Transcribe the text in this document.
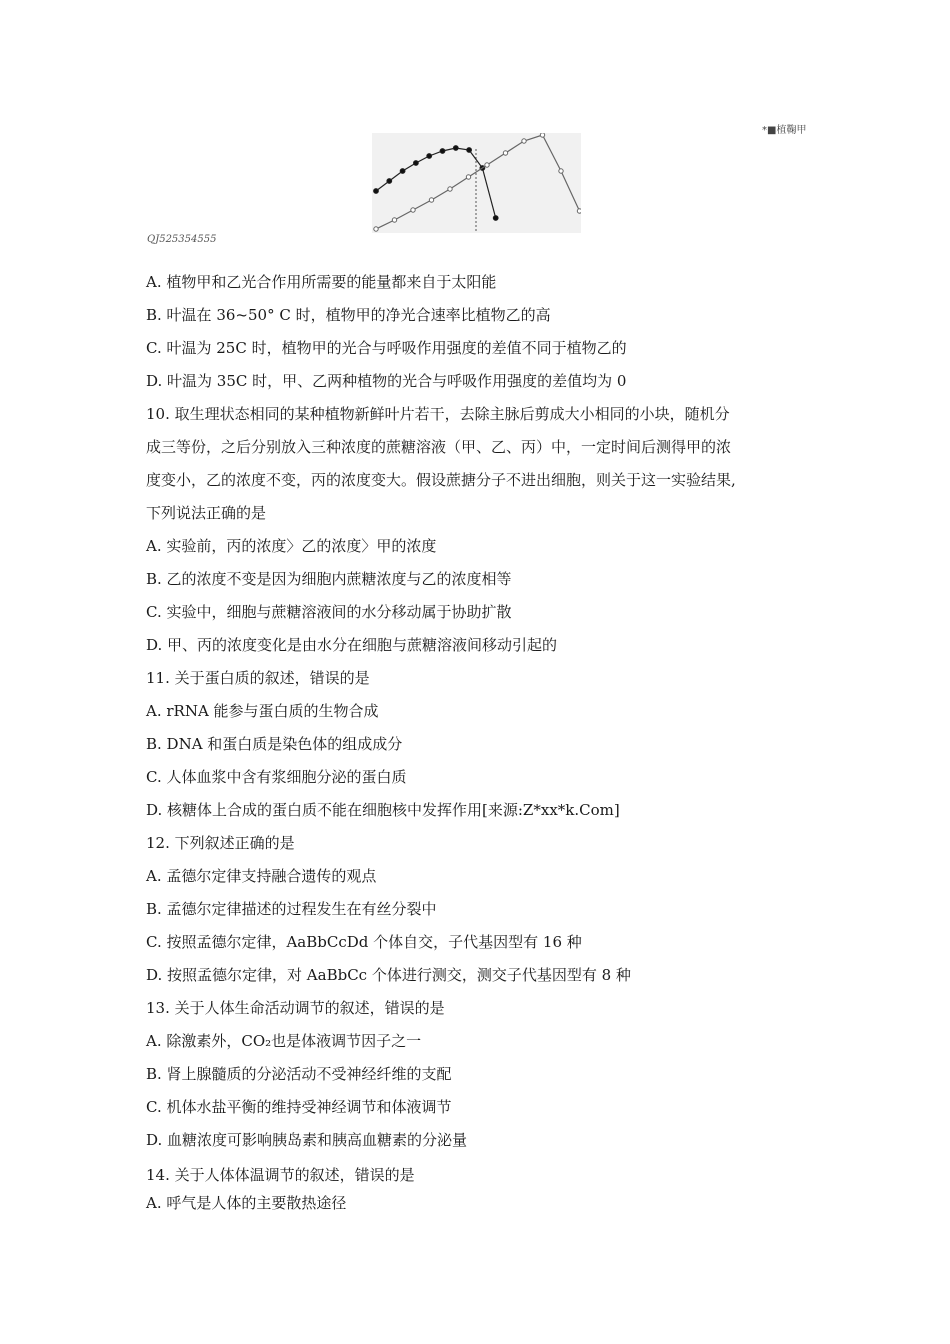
*■植鞠甲
QJ525354555
A. 植物甲和乙光合作用所需要的能量都来自于太阳能
B. 叶温在 36~50° C 时，植物甲的净光合速率比植物乙的高
C. 叶温为 25C 时，植物甲的光合与呼吸作用强度的差值不同于植物乙的
D. 叶温为 35C 时，甲、乙两种植物的光合与呼吸作用强度的差值均为 0
10. 取生理状态相同的某种植物新鲜叶片若干，去除主脉后剪成大小相同的小块，随机分
成三等份，之后分别放入三种浓度的蔗糖溶液（甲、乙、丙）中，一定时间后测得甲的浓
度变小，乙的浓度不变，丙的浓度变大。假设蔗搪分子不进出细胞，则关于这一实验结果,
下列说法正确的是
A. 实验前，丙的浓度〉乙的浓度〉甲的浓度
B. 乙的浓度不变是因为细胞内蔗糖浓度与乙的浓度相等
C. 实验中，细胞与蔗糖溶液间的水分移动属于协助扩散
D. 甲、丙的浓度变化是由水分在细胞与蔗糖溶液间移动引起的
11. 关于蛋白质的叙述，错误的是
A. rRNA 能参与蛋白质的生物合成
B. DNA 和蛋白质是染色体的组成成分
C. 人体血浆中含有浆细胞分泌的蛋白质
D. 核糖体上合成的蛋白质不能在细胞核中发挥作用[来源:Z*xx*k.Com]
12. 下列叙述正确的是
A. 孟德尔定律支持融合遗传的观点
B. 孟德尔定律描述的过程发生在有丝分裂中
C. 按照孟德尔定律，AaBbCcDd 个体自交，子代基因型有 16 种
D. 按照孟德尔定律，对 AaBbCc 个体进行测交，测交子代基因型有 8 种
13. 关于人体生命活动调节的叙述，错误的是
A. 除激素外，CO₂也是体液调节因子之一
B. 肾上腺髓质的分泌活动不受神经纤维的支配
C. 机体水盐平衡的维持受神经调节和体液调节
D. 血糖浓度可影响胰岛素和胰高血糖素的分泌量
14. 关于人体体温调节的叙述，错误的是
A. 呼气是人体的主要散热途径
